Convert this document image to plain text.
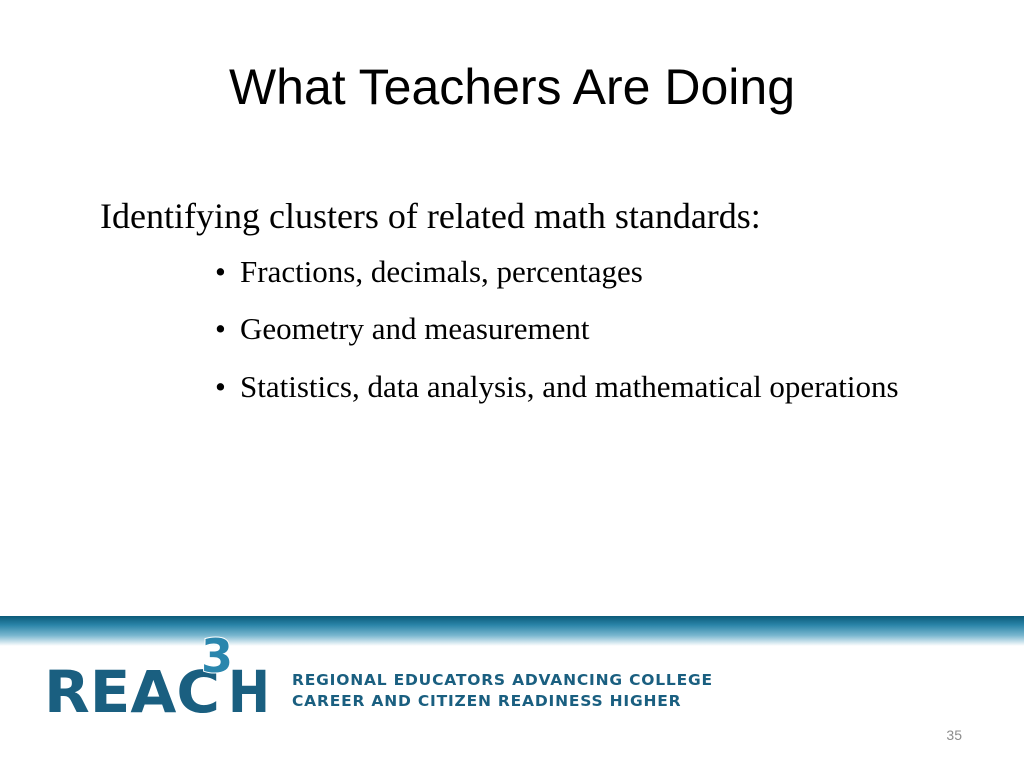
What Teachers Are Doing

Identifying clusters of related math standards:

• Fractions, decimals, percentages
• Geometry and measurement
• Statistics, data analysis, and mathematical operations
REAC H
3	REGIONAL EDUCATORS ADVANCING COLLEGE
CAREER AND CITIZEN READINESS HIGHER
35
